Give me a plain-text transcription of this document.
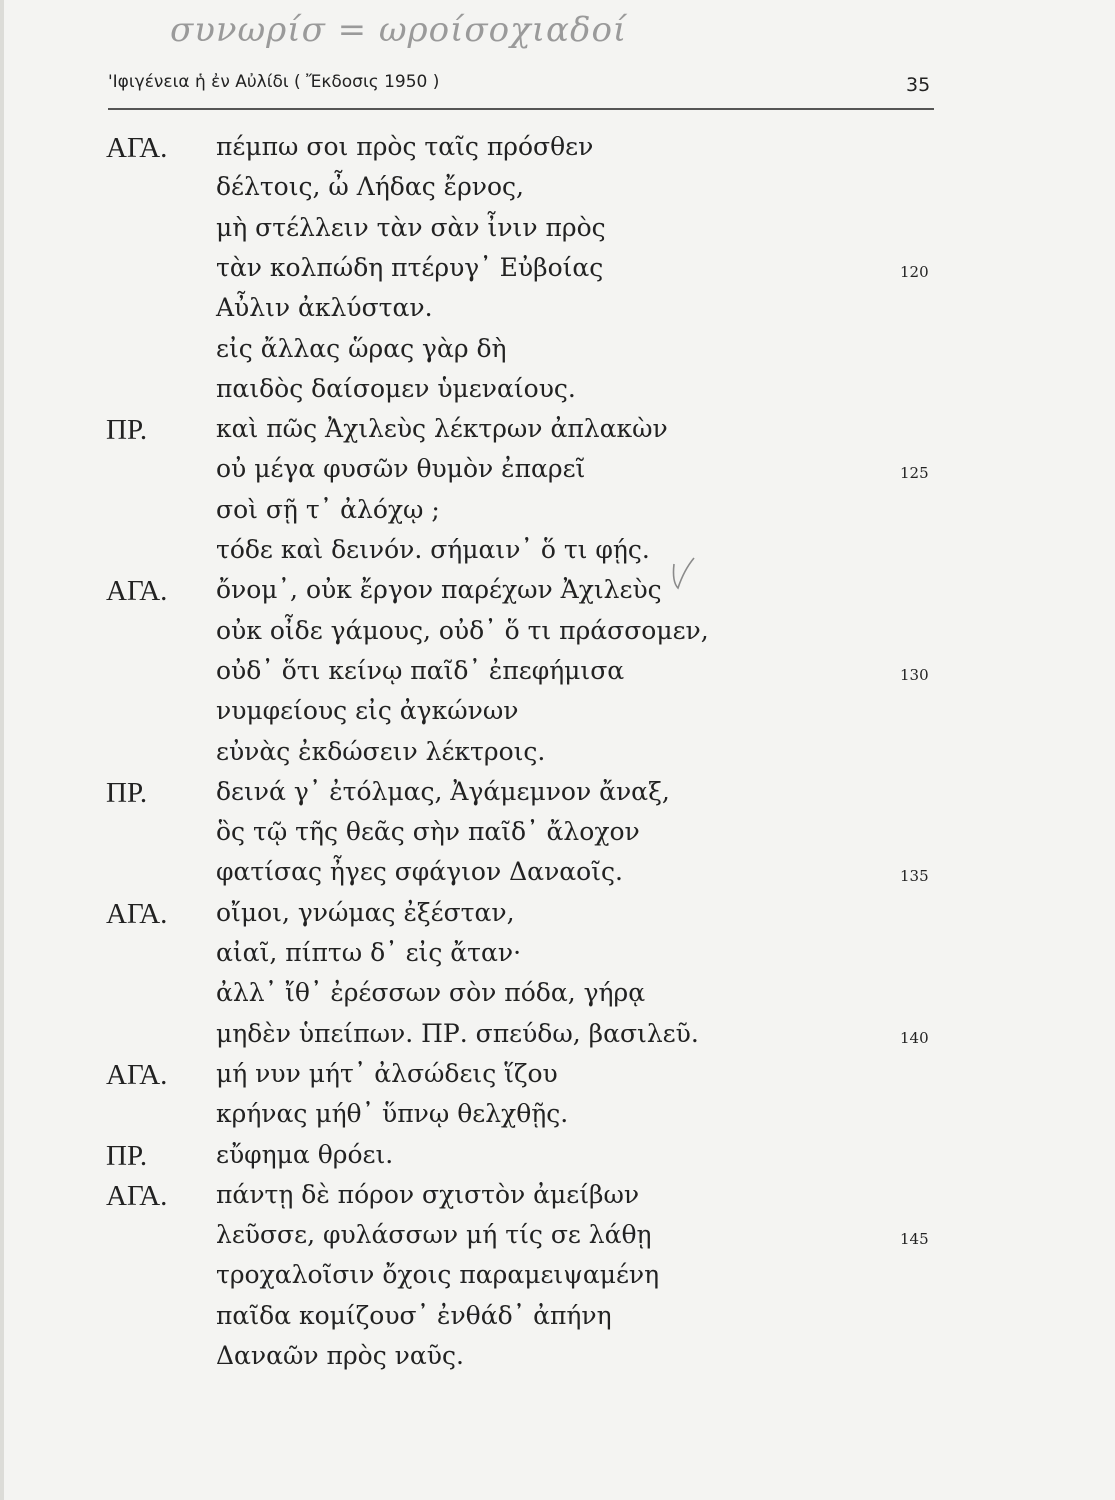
συνωρίσ = ωροίσοχιαδοί
'Ιφιγένεια ἡ ἐν Αὐλίδι ( Ἔκδοσις 1950 )	35
ΑΓΑ. πέμπω σοι πρὸς ταῖς πρόσθεν
δέλτοις, ὦ Λήδας ἔρνος,
μὴ στέλλειν τὰν σὰν ἶνιν πρὸς
τὰν κολπώδη πτέρυγ᾽ Εὐβοίας	120
Αὖλιν ἀκλύσταν.
εἰς ἄλλας ὥρας γὰρ δὴ
παιδὸς δαίσομεν ὑμεναίους.
ΠΡ.	καὶ πῶς Ἀχιλεὺς λέκτρων ἀπλακὼν
οὐ μέγα φυσῶν θυμὸν ἐπαρεῖ	125
σοὶ σῇ τ᾽ ἀλόχῳ ;
τόδε καὶ δεινόν. σήμαιν᾽ ὅ τι φῄς.
ΑΓΑ. ὄνομ᾽, οὐκ ἔργον παρέχων Ἀχιλεὺς
οὐκ οἶδε γάμους, οὐδ᾽ ὅ τι πράσσομεν,
οὐδ᾽ ὅτι κείνῳ παῖδ᾽ ἐπεφήμισα	130
νυμφείους εἰς ἀγκώνων
εὐνὰς ἐκδώσειν λέκτροις.
ΠΡ.	δεινά γ᾽ ἐτόλμας, Ἀγάμεμνον ἄναξ,
ὃς τῷ τῆς θεᾶς σὴν παῖδ᾽ ἄλοχον
φατίσας ἦγες σφάγιον Δαναοῖς.	135
ΑΓΑ. οἴμοι, γνώμας ἐξέσταν,
αἰαῖ, πίπτω δ᾽ εἰς ἄταν·
ἀλλ᾽ ἴθ᾽ ἐρέσσων σὸν πόδα, γήρᾳ
μηδὲν ὑπείπων. ΠΡ. σπεύδω, βασιλεῦ.	140
ΑΓΑ. μή νυν μήτ᾽ ἀλσώδεις ἵζου
κρήνας μήθ᾽ ὕπνῳ θελχθῇς.
ΠΡ.	εὔφημα θρόει.
ΑΓΑ. πάντῃ δὲ πόρον σχιστὸν ἀμείβων
λεῦσσε, φυλάσσων μή τίς σε λάθῃ	145
τροχαλοῖσιν ὄχοις παραμειψαμένη
παῖδα κομίζουσ᾽ ἐνθάδ᾽ ἀπήνη
Δαναῶν πρὸς ναῦς.
